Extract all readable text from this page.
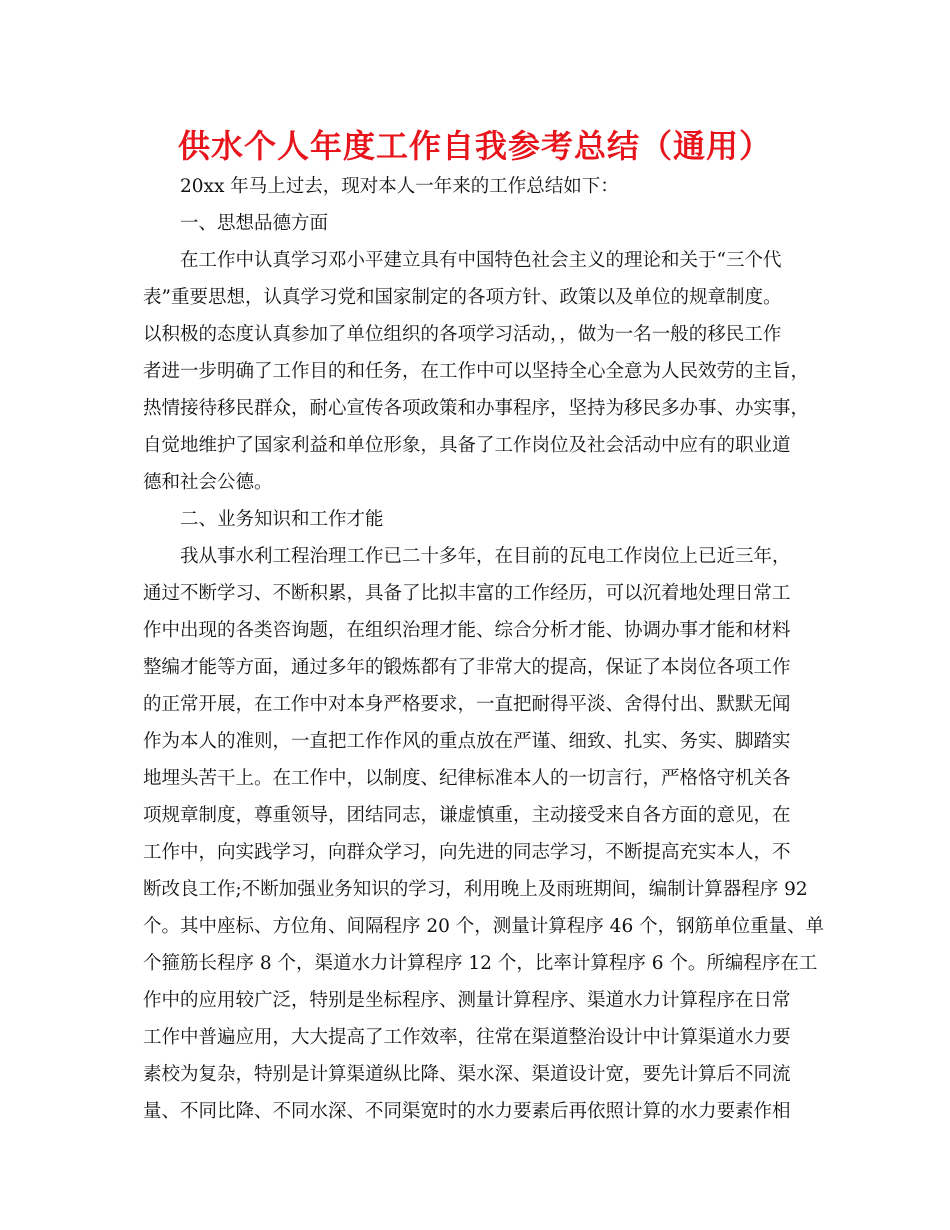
供水个人年度工作自我参考总结（通用）

20xx 年马上过去，现对本人一年来的工作总结如下：

一、思想品德方面

在工作中认真学习邓小平建立具有中国特色社会主义的理论和关于“三个代
表”重要思想，认真学习党和国家制定的各项方针、政策以及单位的规章制度。
以积极的态度认真参加了单位组织的各项学习活动，，做为一名一般的移民工作
者进一步明确了工作目的和任务，在工作中可以坚持全心全意为人民效劳的主旨，
热情接待移民群众，耐心宣传各项政策和办事程序，坚持为移民多办事、办实事，
自觉地维护了国家利益和单位形象，具备了工作岗位及社会活动中应有的职业道
德和社会公德。

二、业务知识和工作才能

我从事水利工程治理工作已二十多年，在目前的瓦电工作岗位上已近三年，
通过不断学习、不断积累，具备了比拟丰富的工作经历，可以沉着地处理日常工
作中出现的各类咨询题，在组织治理才能、综合分析才能、协调办事才能和材料
整编才能等方面，通过多年的锻炼都有了非常大的提高，保证了本岗位各项工作
的正常开展，在工作中对本身严格要求，一直把耐得平淡、舍得付出、默默无闻
作为本人的准则，一直把工作作风的重点放在严谨、细致、扎实、务实、脚踏实
地埋头苦干上。在工作中，以制度、纪律标准本人的一切言行，严格恪守机关各
项规章制度，尊重领导，团结同志，谦虚慎重，主动接受来自各方面的意见，在
工作中，向实践学习，向群众学习，向先进的同志学习，不断提高充实本人，不
断改良工作;不断加强业务知识的学习，利用晚上及雨班期间，编制计算器程序 92
个。其中座标、方位角、间隔程序 20 个，测量计算程序 46 个，钢筋单位重量、单
个箍筋长程序 8 个，渠道水力计算程序 12 个，比率计算程序 6 个。所编程序在工
作中的应用较广泛，特别是坐标程序、测量计算程序、渠道水力计算程序在日常
工作中普遍应用，大大提高了工作效率，往常在渠道整治设计中计算渠道水力要
素校为复杂，特别是计算渠道纵比降、渠水深、渠道设计宽，要先计算后不同流
量、不同比降、不同水深、不同渠宽时的水力要素后再依照计算的水力要素作相
